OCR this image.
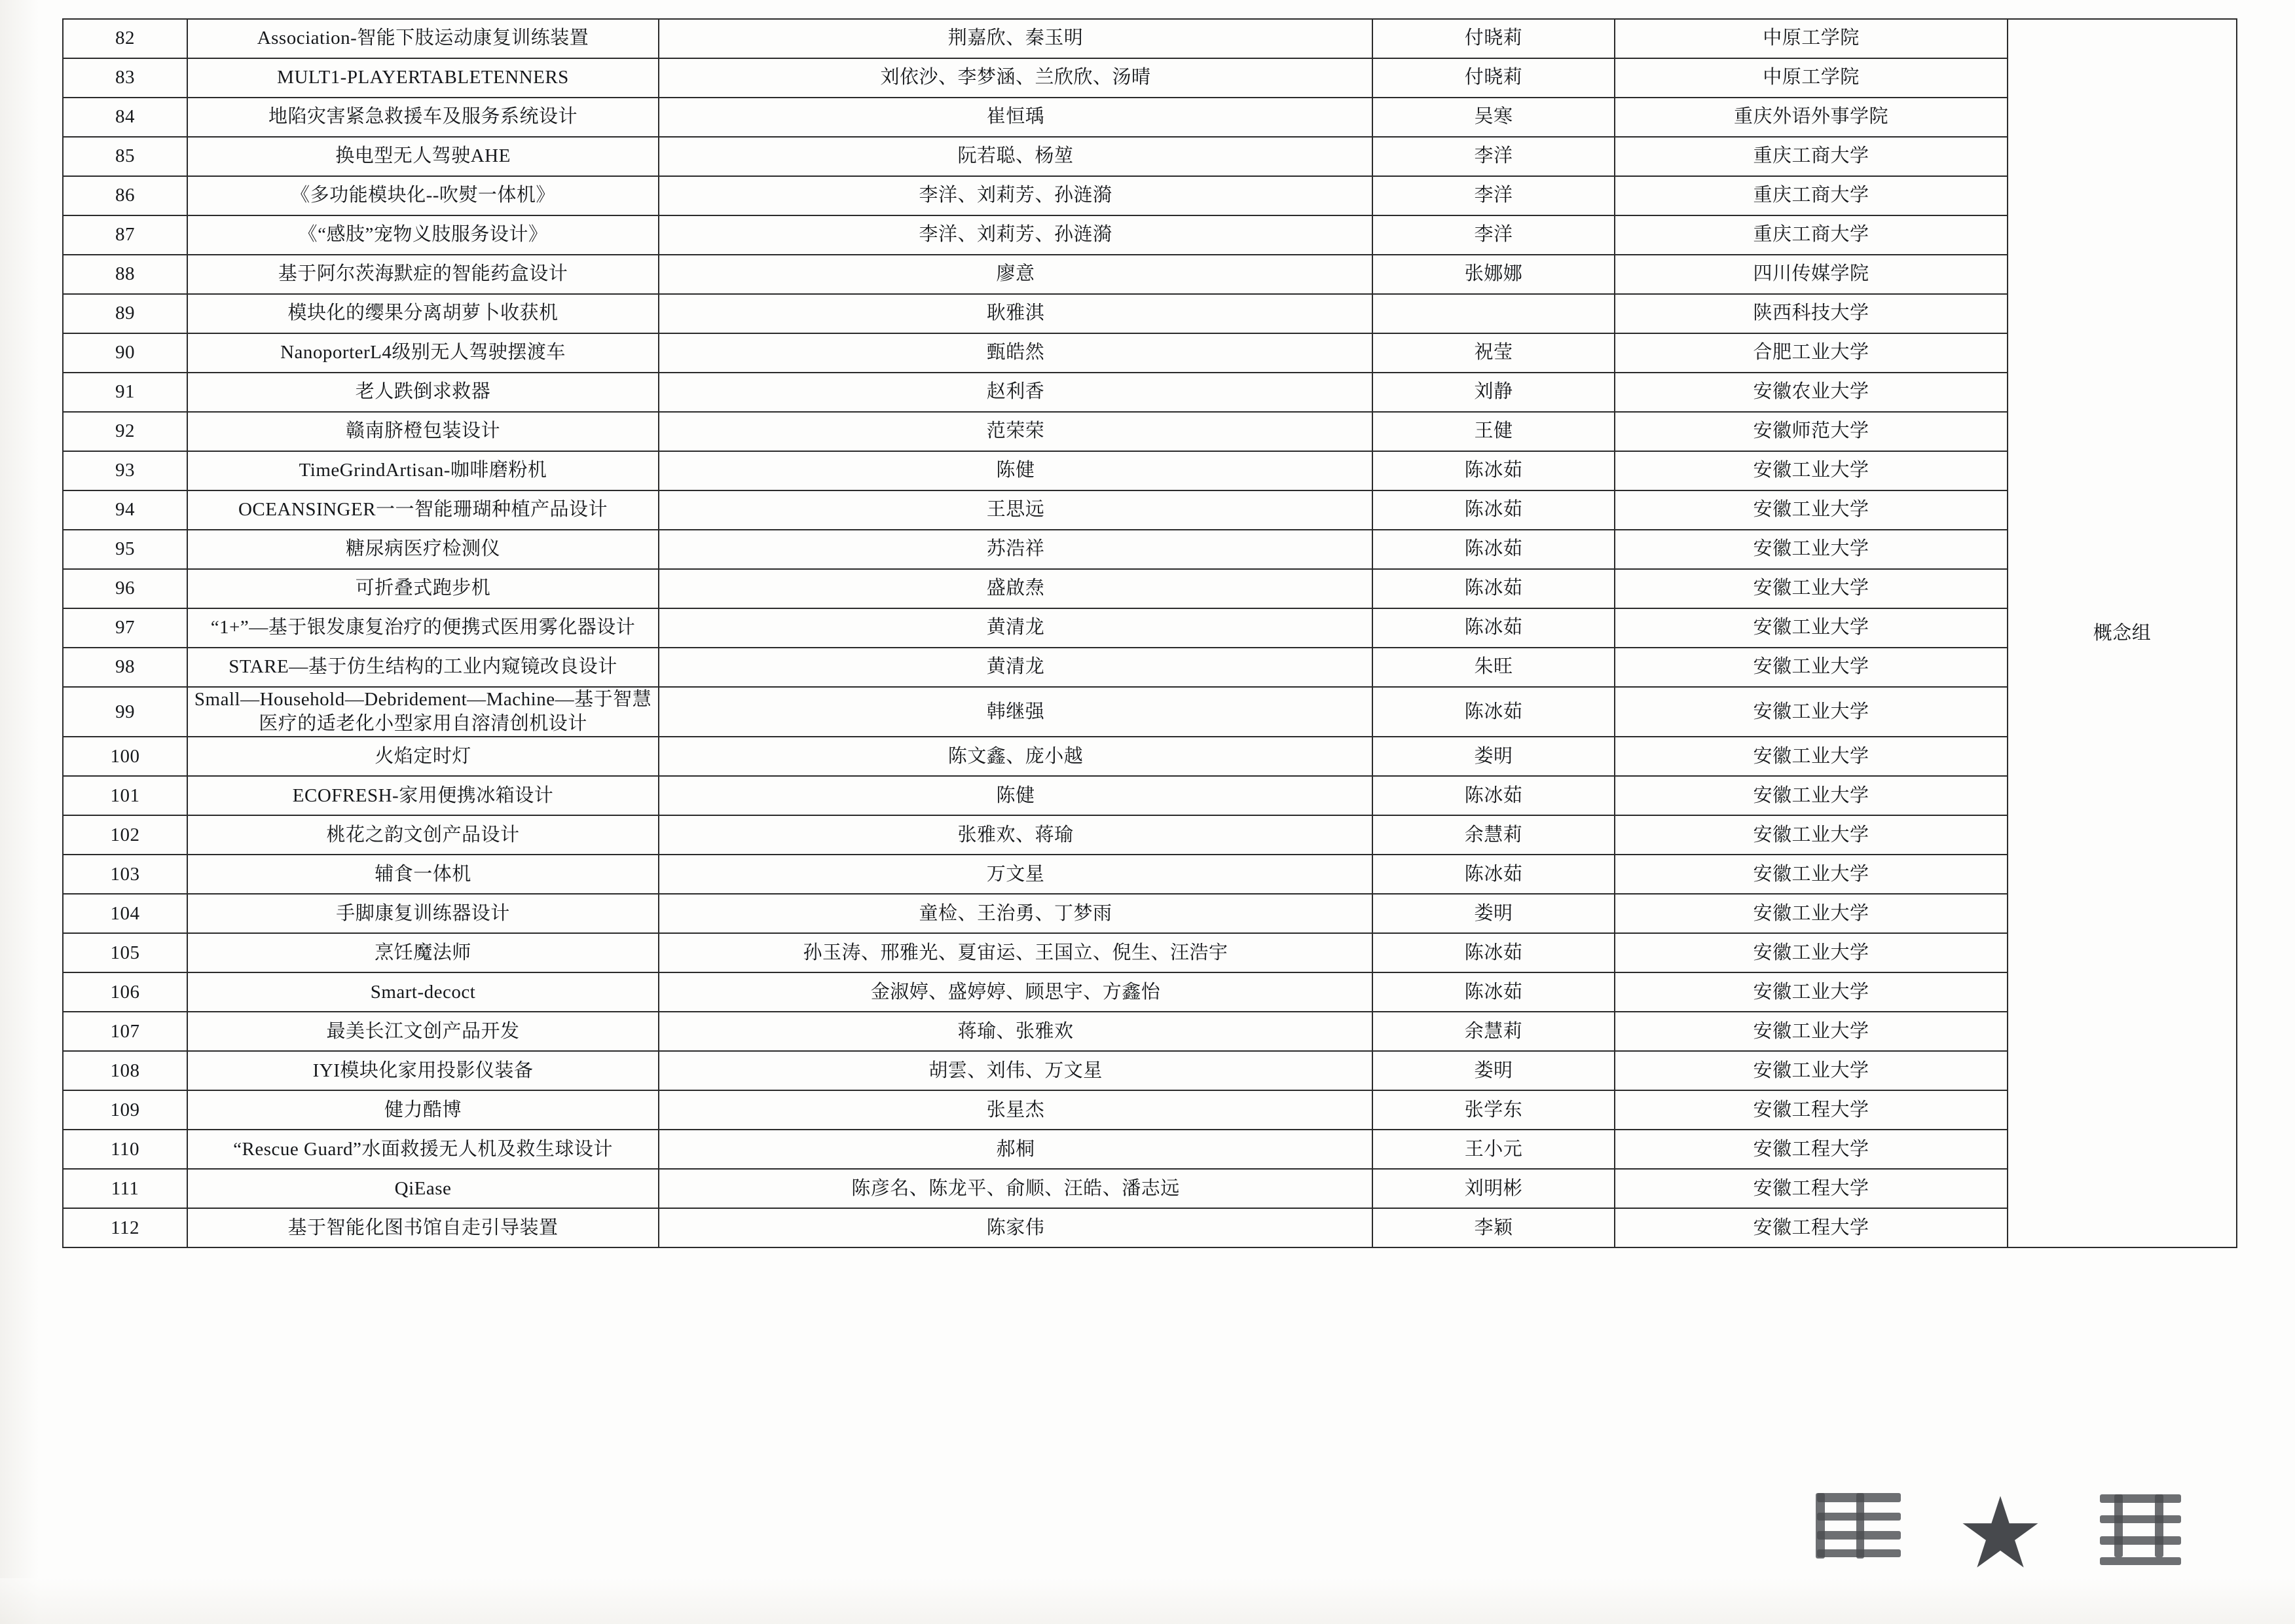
82	Association-智能下肢运动康复训练装置	荆嘉欣、秦玉明	付晓莉	中原工学院	概念组
83	MULT1-PLAYERTABLETENNERS	刘依沙、李梦涵、兰欣欣、汤晴	付晓莉	中原工学院	
84	地陷灾害紧急救援车及服务系统设计	崔恒瑀	吴寒	重庆外语外事学院	
85	换电型无人驾驶AHE	阮若聪、杨堃	李洋	重庆工商大学	
86	《多功能模块化--吹熨一体机》	李洋、刘莉芳、孙涟漪	李洋	重庆工商大学	
87	《“感肢”宠物义肢服务设计》	李洋、刘莉芳、孙涟漪	李洋	重庆工商大学	
88	基于阿尔茨海默症的智能药盒设计	廖意	张娜娜	四川传媒学院	
89	模块化的缨果分离胡萝卜收获机	耿雅淇		陕西科技大学	
90	NanoporterL4级别无人驾驶摆渡车	甄皓然	祝莹	合肥工业大学	
91	老人跌倒求救器	赵利香	刘静	安徽农业大学	
92	赣南脐橙包装设计	范荣荣	王健	安徽师范大学	
93	TimeGrindArtisan-咖啡磨粉机	陈健	陈冰茹	安徽工业大学	
94	OCEANSINGER一一智能珊瑚种植产品设计	王思远	陈冰茹	安徽工业大学	
95	糖尿病医疗检测仪	苏浩祥	陈冰茹	安徽工业大学	
96	可折叠式跑步机	盛啟焘	陈冰茹	安徽工业大学	
97	“1+”—基于银发康复治疗的便携式医用雾化器设计	黄清龙	陈冰茹	安徽工业大学	
98	STARE—基于仿生结构的工业内窥镜改良设计	黄清龙	朱旺	安徽工业大学	
99	Small—Household—Debridement—Machine—基于智慧医疗的适老化小型家用自溶清创机设计	韩继强	陈冰茹	安徽工业大学	
100	火焰定时灯	陈文鑫、庞小越	娄明	安徽工业大学	
101	ECOFRESH-家用便携冰箱设计	陈健	陈冰茹	安徽工业大学	
102	桃花之韵文创产品设计	张雅欢、蒋瑜	余慧莉	安徽工业大学	
103	辅食一体机	万文星	陈冰茹	安徽工业大学	
104	手脚康复训练器设计	童检、王治勇、丁梦雨	娄明	安徽工业大学	
105	烹饪魔法师	孙玉涛、邢雅光、夏宙运、王国立、倪生、汪浩宇	陈冰茹	安徽工业大学	
106	Smart-decoct	金淑婷、盛婷婷、顾思宇、方鑫怡	陈冰茹	安徽工业大学	
107	最美长江文创产品开发	蒋瑜、张雅欢	余慧莉	安徽工业大学	
108	IYI模块化家用投影仪装备	胡雲、刘伟、万文星	娄明	安徽工业大学	
109	健力酷博	张星杰	张学东	安徽工程大学	
110	“Rescue Guard”水面救援无人机及救生球设计	郝桐	王小元	安徽工程大学	
111	QiEase	陈彦名、陈龙平、俞顺、汪皓、潘志远	刘明彬	安徽工程大学	
112	基于智能化图书馆自走引导装置	陈家伟	李颖	安徽工程大学	
★
